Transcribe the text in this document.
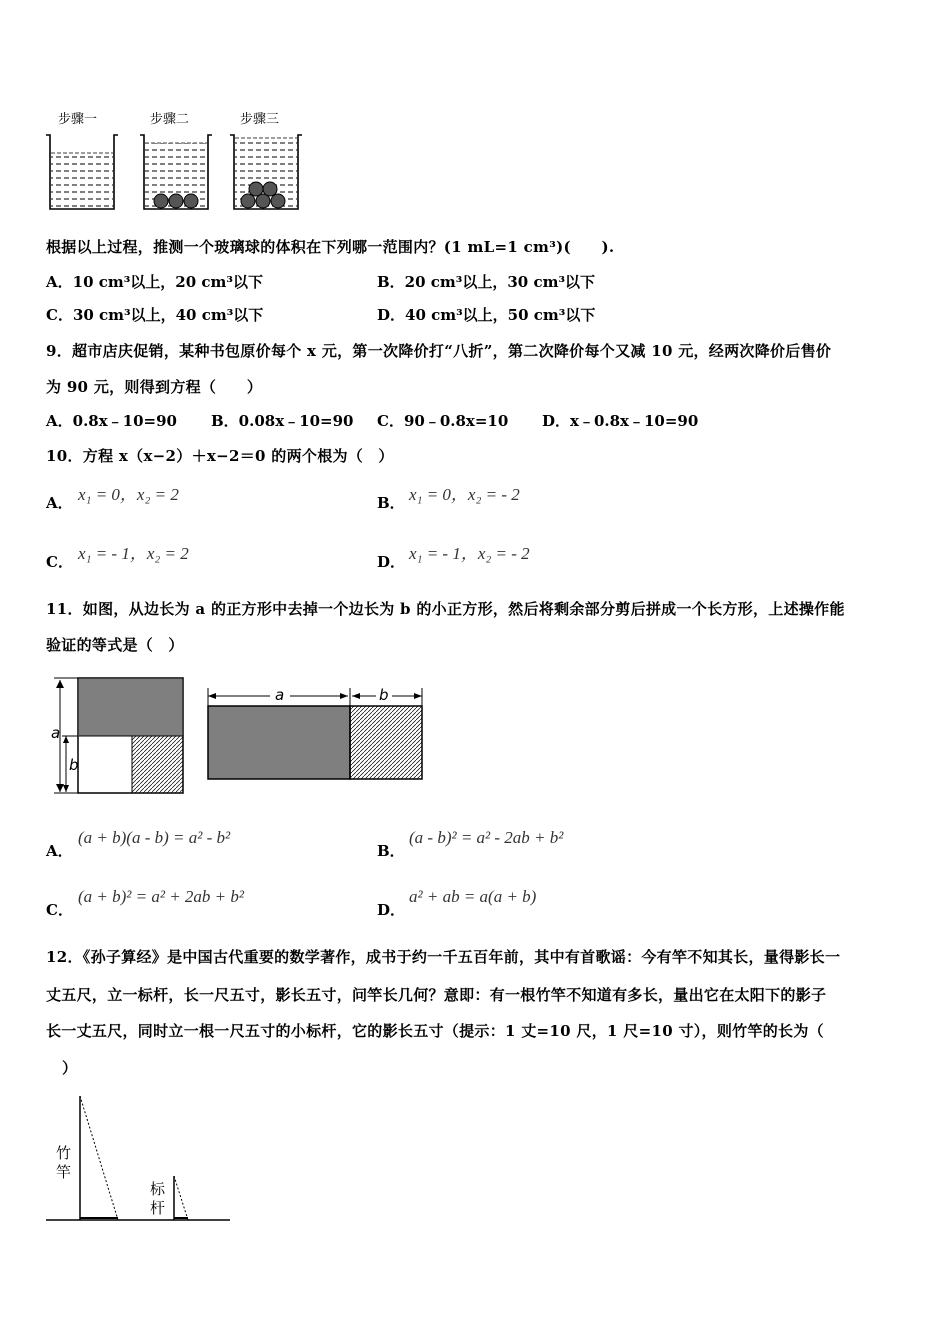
步骤一	步骤二	步骤三
根据以上过程，推测一个玻璃球的体积在下列哪一范围内？(1 mL=1 cm³)(　　).
A．10 cm³以上，20 cm³以下	B．20 cm³以上，30 cm³以下
C．30 cm³以上，40 cm³以下	D．40 cm³以上，50 cm³以下
9．超市店庆促销，某种书包原价每个 x 元，第一次降价打“八折”，第二次降价每个又减 10 元，经两次降价后售价
为 90 元，则得到方程（　　）
A．0.8x﹣10=90 B．0.08x﹣10=90 C．90﹣0.8x=10 D．x﹣0.8x﹣10=90
10．方程 x（x−2）＋x−2＝0 的两个根为（　）
A． x₁ = 0，x₂ = 2	B． x₁ = 0，x₂ = - 2
C． x₁ = - 1，x₂ = 2	D． x₁ = - 1，x₂ = - 2
11．如图，从边长为 a 的正方形中去掉一个边长为 b 的小正方形，然后将剩余部分剪后拼成一个长方形，上述操作能
验证的等式是（　）
a
b
a	b
A．
(a + b)(a - b) = a² - b²
B．
(a - b)² = a² - 2ab + b²
C．
(a + b)² = a² + 2ab + b²
D．
a² + ab = a(a + b)
12．《孙子算经》是中国古代重要的数学著作，成书于约一千五百年前，其中有首歌谣：今有竿不知其长，量得影长一
丈五尺，立一标杆，长一尺五寸，影长五寸，问竿长几何？意即：有一根竹竿不知道有多长，量出它在太阳下的影子
长一丈五尺，同时立一根一尺五寸的小标杆，它的影长五寸（提示：1 丈=10 尺，1 尺=10 寸），则竹竿的长为（
）
竹竿
标杆
